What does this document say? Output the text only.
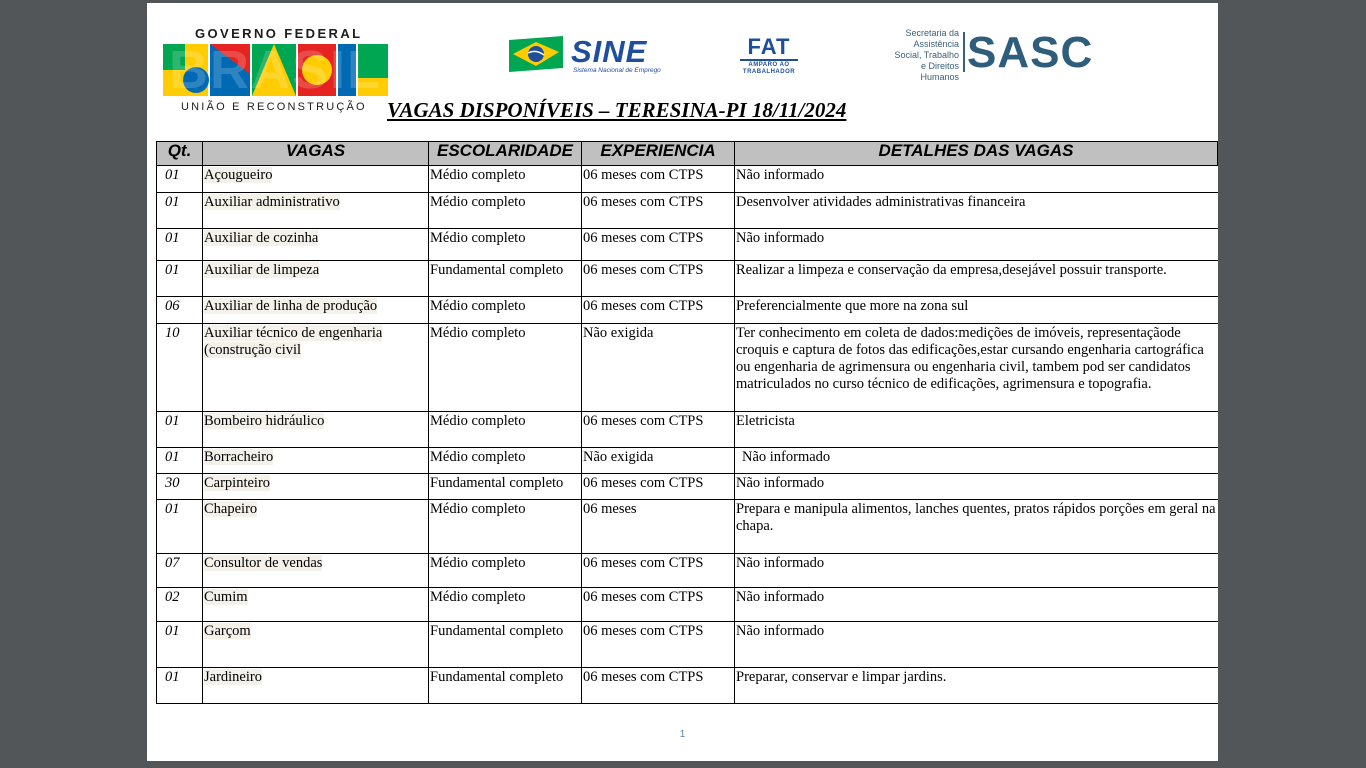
GOVERNO FEDERAL
BRASIL
UNIÃO E RECONSTRUÇÃO
SINE
Sistema Nacional de Emprego
FAT
AMPARO AO
TRABALHADOR
Secretaria da Assistência Social, Trabalho e Direitos Humanos SASC
VAGAS DISPONÍVEIS – TERESINA-PI 18/11/2024
Qt.	VAGAS	ESCOLARIDADE	EXPERIENCIA	DETALHES DAS VAGAS
01	Açougueiro	Médio completo	06 meses com CTPS	Não informado
01	Auxiliar administrativo	Médio completo	06 meses com CTPS	Desenvolver atividades administrativas financeira
01	Auxiliar de cozinha	Médio completo	06 meses com CTPS	Não informado
01	Auxiliar de limpeza	Fundamental completo	06 meses com CTPS	Realizar a limpeza e conservação da empresa,desejável possuir transporte.
06	Auxiliar de linha de produção	Médio completo	06 meses com CTPS	Preferencialmente que more na zona sul
10	Auxiliar técnico de engenharia (construção civil	Médio completo	Não exigida	Ter conhecimento em coleta de dados:medições de imóveis, representaçãode croquis e captura de fotos das edificações,estar cursando engenharia cartográfica ou engenharia de agrimensura ou engenharia civil, tambem pod ser candidatos matriculados no curso técnico de edificações, agrimensura e topografia.
01	Bombeiro hidráulico	Médio completo	06 meses com CTPS	Eletricista
01	Borracheiro	Médio completo	Não exigida	Não informado
30	Carpinteiro	Fundamental completo	06 meses com CTPS	Não informado
01	Chapeiro	Médio completo	06 meses	Prepara e manipula alimentos, lanches quentes, pratos rápidos porções em geral na chapa.
07	Consultor de vendas	Médio completo	06 meses com CTPS	Não informado
02	Cumim	Médio completo	06 meses com CTPS	Não informado
01	Garçom	Fundamental completo	06 meses com CTPS	Não informado
01	Jardineiro	Fundamental completo	06 meses com CTPS	Preparar, conservar e limpar jardins.
1
